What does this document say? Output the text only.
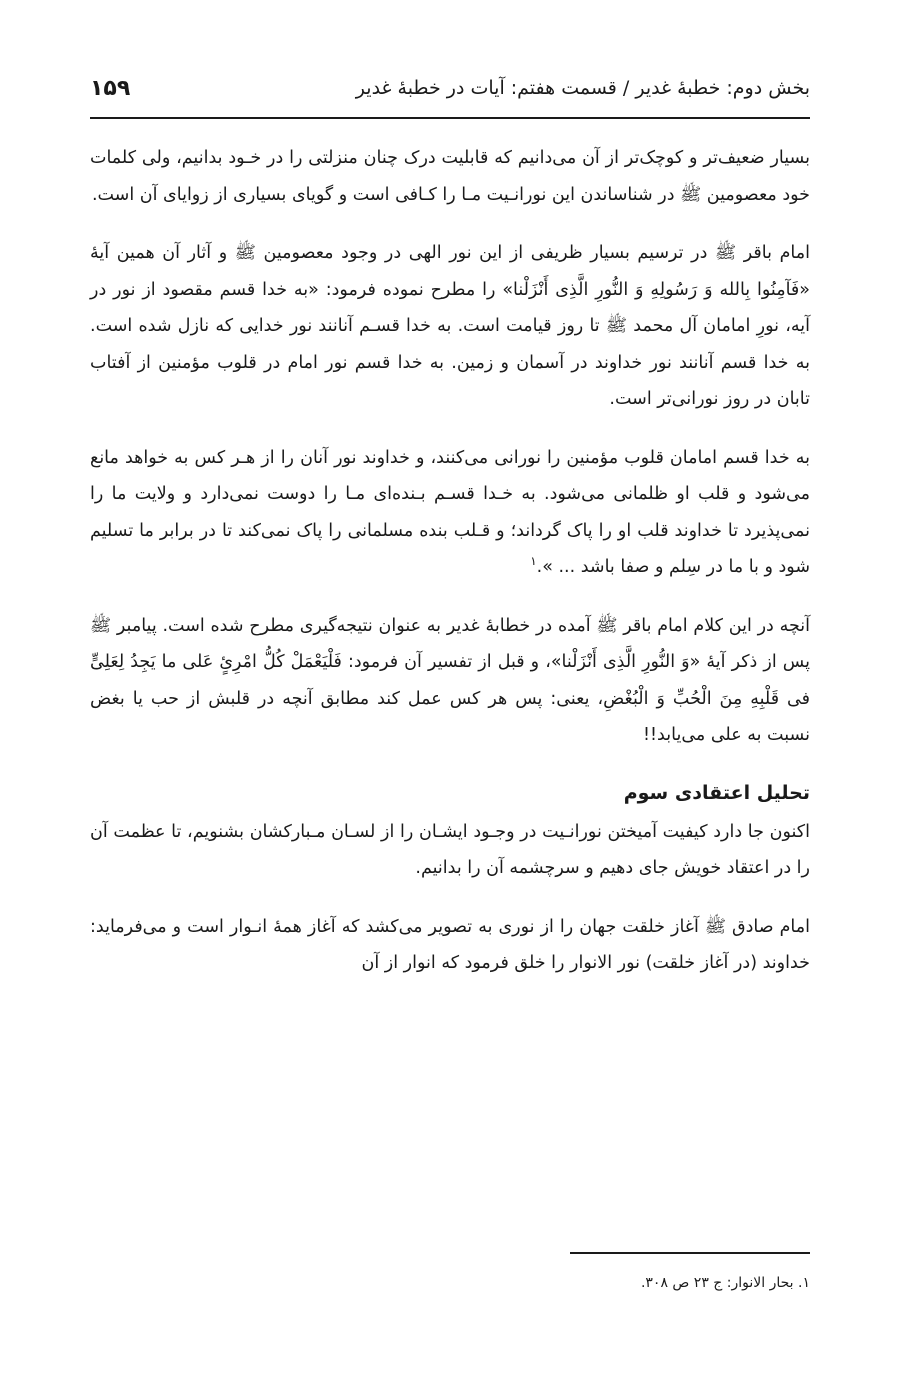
بخش دوم: خطبهٔ غدیر / قسمت هفتم: آیات در خطبهٔ غدیر
۱۵۹

بسیار ضعیف‌تر و کوچک‌تر از آن می‌دانیم که قابلیت درک چنان منزلتی را در خـود بدانیم، ولی کلمات خود معصومین ﷺ در شناساندن این نورانـیت مـا را کـافی است و گویای بسیاری از زوایای آن است.

امام باقر ﷺ در ترسیم بسیار ظریفی از این نور الهی در وجود معصومین ﷺ و آثار آن همین آیهٔ «فَآمِنُوا بِالله وَ رَسُولِهِ وَ النُّورِ الَّذِی أَنْزَلْنا» را مطرح نموده فرمود: «به خدا قسم مقصود از نور در آیه، نورِ امامان آل محمد ﷺ تا روز قیامت است. به خدا قسـم آنانند نور خدایی که نازل شده است. به خدا قسم آنانند نور خداوند در آسمان و زمین. به خدا قسم نور امام در قلوب مؤمنین از آفتاب تابان در روز نورانی‌تر است.

به خدا قسم امامان قلوب مؤمنین را نورانی می‌کنند، و خداوند نور آنان را از هـر کس به خواهد مانع می‌شود و قلب او ظلمانی می‌شود. به خـدا قسـم بـنده‌ای مـا را دوست نمی‌دارد و ولایت ما را نمی‌پذیرد تا خداوند قلب او را پاک گرداند؛ و قـلب بنده مسلمانی را پاک نمی‌کند تا در برابر ما تسلیم شود و با ما در سِلم و صفا باشد ... ».$^۱$

آنچه در این کلام امام باقر ﷺ آمده در خطابهٔ غدیر به عنوان نتیجه‌گیری مطرح شده است. پیامبر ﷺ پس از ذکر آیهٔ «وَ النُّورِ الَّذِی أَنْزَلْنا»، و قبل از تفسیر آن فرمود: فَلْیَعْمَلْ کُلُّ امْرِئٍ عَلی ما یَجِدُ لِعَلِیٍّ فی قَلْبِهِ مِنَ الْحُبِّ وَ الْبُغْضِ، یعنی: پس هر کس عمل کند مطابق آنچه در قلبش از حب یا بغض نسبت به علی می‌یابد!!

تحلیل اعتقادی سوم

اکنون جا دارد کیفیت آمیختن نورانـیت در وجـود ایشـان را از لسـان مـبارکشان بشنویم، تا عظمت آن را در اعتقاد خویش جای دهیم و سرچشمه آن را بدانیم.

امام صادق ﷺ آغاز خلقت جهان را از نوری به تصویر می‌کشد که آغاز همهٔ انـوار است و می‌فرماید: خداوند (در آغاز خلقت) نور الانوار را خلق فرمود که انوار از آن

۱. بحار الانوار: ج ۲۳ ص ۳۰۸.
